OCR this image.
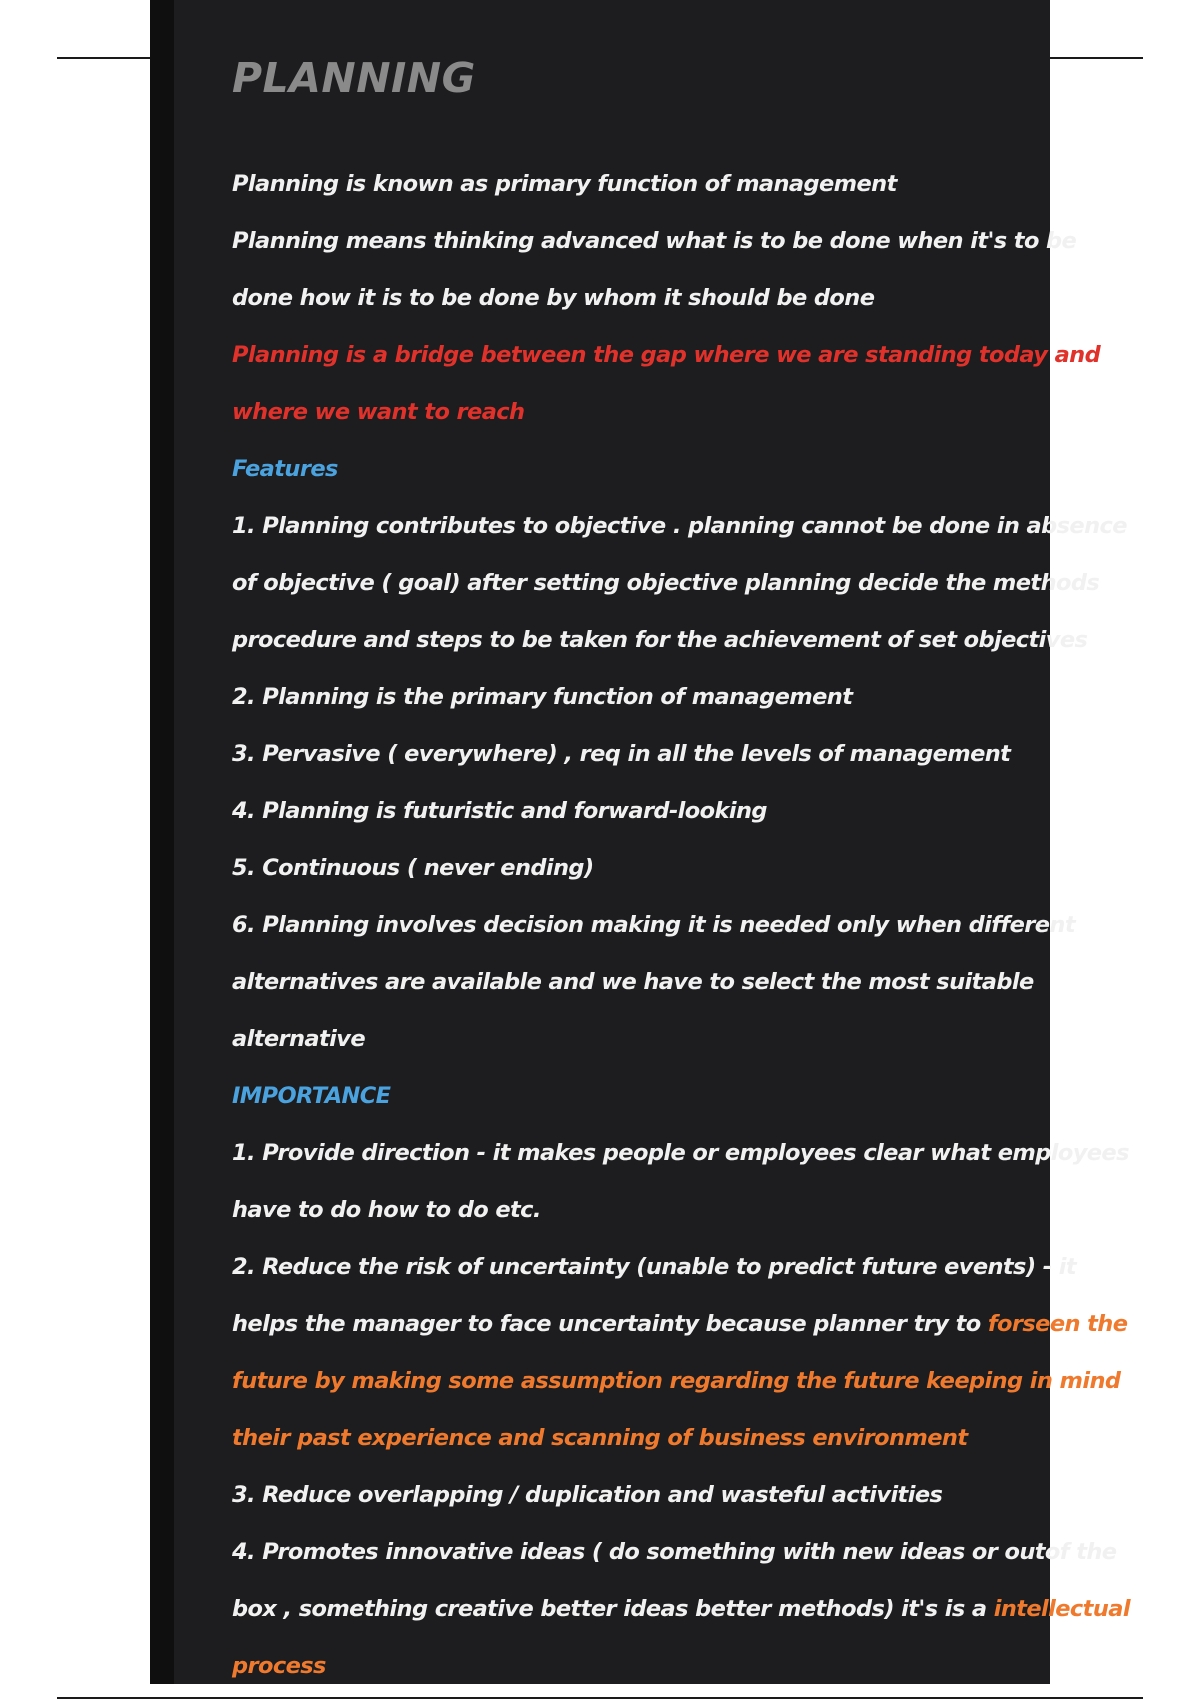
PLANNING
Planning is known as primary function of management
Planning means thinking advanced what is to be done when it's to be
done how it is to be done by whom it should be done
Planning is a bridge between the gap where we are standing today and
where we want to reach
Features
1. Planning contributes to objective . planning cannot be done in absence
of objective ( goal) after setting objective planning decide the methods
procedure and steps to be taken for the achievement of set objectives
2. Planning is the primary function of management
3. Pervasive ( everywhere) , req in all the levels of management
4. Planning is futuristic and forward-looking
5. Continuous ( never ending)
6. Planning involves decision making it is needed only when different
alternatives are available and we have to select the most suitable
alternative
IMPORTANCE
1. Provide direction - it makes people or employees clear what employees
have to do how to do etc.
2. Reduce the risk of uncertainty (unable to predict future events) - it
helps the manager to face uncertainty because planner try to forseen the
future by making some assumption regarding the future keeping in mind
their past experience and scanning of business environment
3. Reduce overlapping / duplication and wasteful activities
4. Promotes innovative ideas ( do something with new ideas or outof the
box , something creative better ideas better methods) it's is a intellectual
process
